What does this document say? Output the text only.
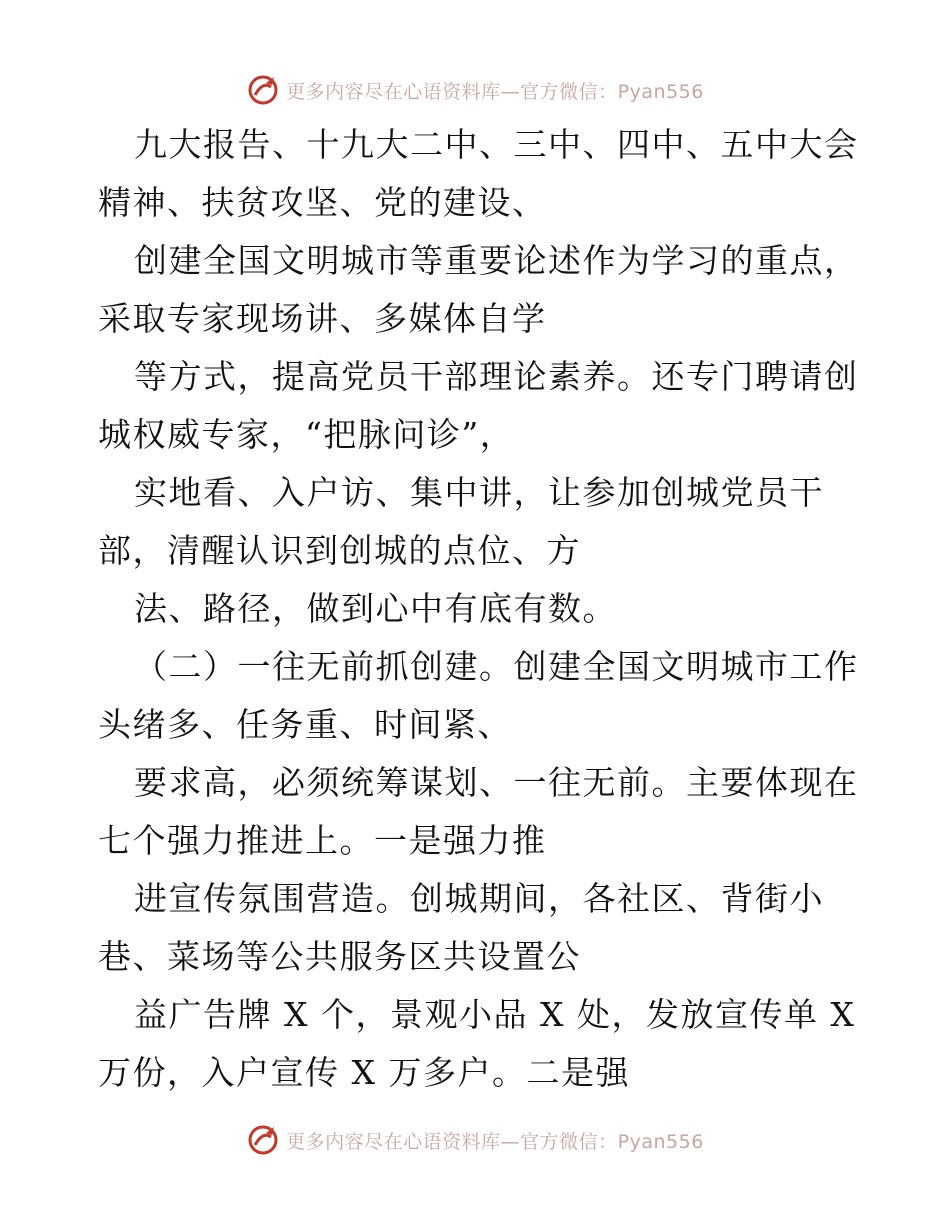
更多内容尽在心语资料库—官方微信：Pyan556
九大报告、十九大二中、三中、四中、五中大会
精神、扶贫攻坚、党的建设、
创建全国文明城市等重要论述作为学习的重点，
采取专家现场讲、多媒体自学
等方式，提高党员干部理论素养。还专门聘请创
城权威专家，“把脉问诊”，
实地看、入户访、集中讲，让参加创城党员干
部，清醒认识到创城的点位、方
法、路径，做到心中有底有数。
（二）一往无前抓创建。创建全国文明城市工作
头绪多、任务重、时间紧、
要求高，必须统筹谋划、一往无前。主要体现在
七个强力推进上。一是强力推
进宣传氛围营造。创城期间，各社区、背街小
巷、菜场等公共服务区共设置公
益广告牌 X 个，景观小品 X 处，发放宣传单 X
万份，入户宣传 X 万多户。二是强
更多内容尽在心语资料库—官方微信：Pyan556
